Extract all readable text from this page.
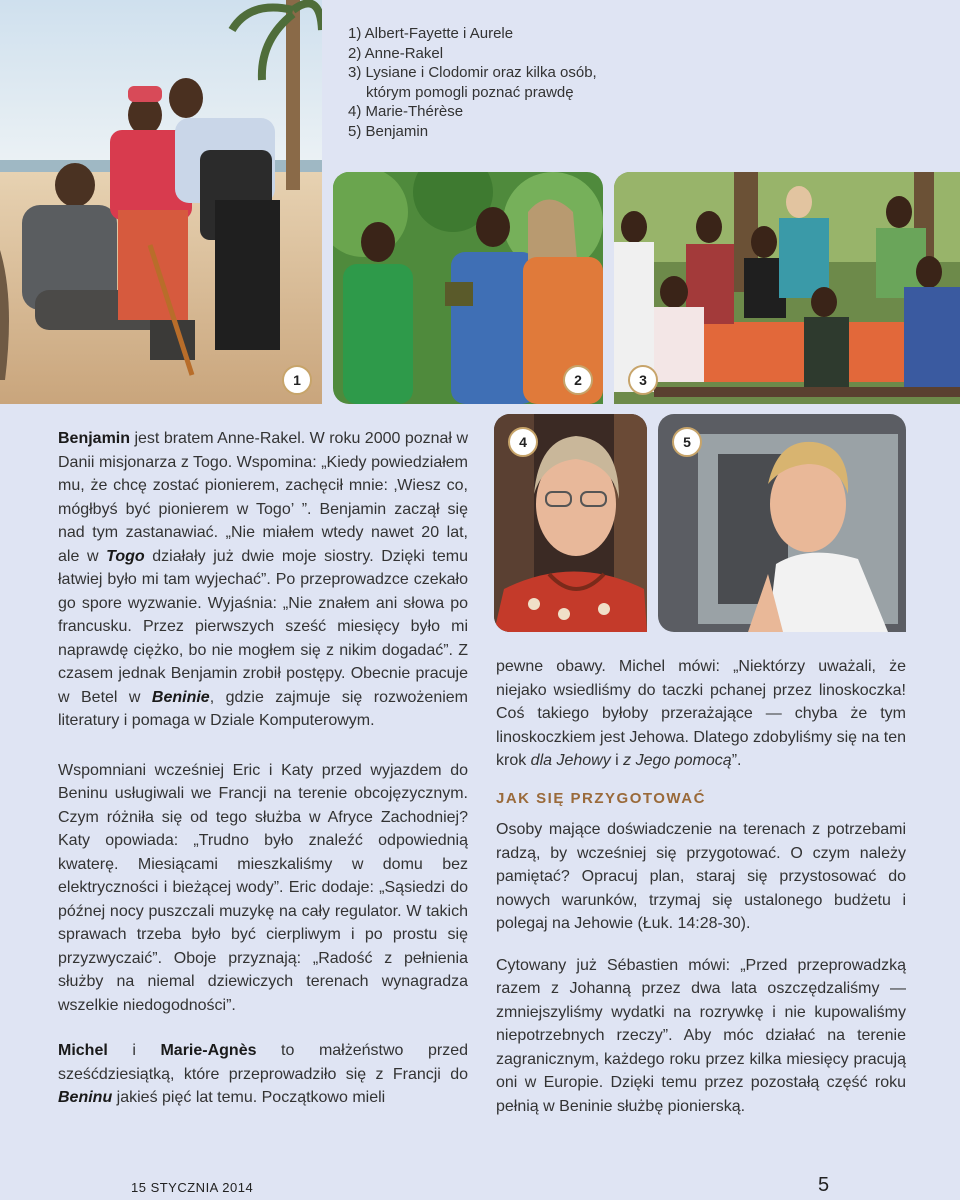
1	2	3
4	5
1) Albert-Fayette i Aurele
2) Anne-Rakel
3) Lysiane i Clodomir oraz kilka osób,
którym pomogli poznać prawdę
4) Marie-Thérèse
5) Benjamin

Benjamin jest bratem Anne-Rakel. W roku 2000 poznał w Danii misjonarza z Togo. Wspomina: „Kiedy powiedziałem mu, że chcę zostać pionierem, zachęcił mnie: ‚Wiesz co, mógłbyś być pionierem w Togo’ ”. Benjamin zaczął się nad tym zastanawiać. „Nie miałem wtedy nawet 20 lat, ale w Togo działały już dwie moje siostry. Dzięki temu łatwiej było mi tam wyjechać”. Po przeprowadzce czekało go spore wyzwanie. Wyjaśnia: „Nie znałem ani słowa po francusku. Przez pierwszych sześć miesięcy było mi naprawdę ciężko, bo nie mogłem się z nikim dogadać”. Z czasem jednak Benjamin zrobił postępy. Obecnie pracuje w Betel w Beninie, gdzie zajmuje się rozwożeniem literatury i pomaga w Dziale Komputerowym.

Wspomniani wcześniej Eric i Katy przed wyjazdem do Beninu usługiwali we Francji na terenie obcojęzycznym. Czym różniła się od tego służba w Afryce Zachodniej? Katy opowiada: „Trudno było znaleźć odpowiednią kwaterę. Miesiącami mieszkaliśmy w domu bez elektryczności i bieżącej wody”. Eric dodaje: „Sąsiedzi do późnej nocy puszczali muzykę na cały regulator. W takich sprawach trzeba było być cierpliwym i po prostu się przyzwyczaić”. Oboje przyznają: „Radość z pełnienia służby na niemal dziewiczych terenach wynagradza wszelkie niedogodności”.

Michel i Marie-Agnès to małżeństwo przed sześćdziesiątką, które przeprowadziło się z Francji do Beninu jakieś pięć lat temu. Początkowo mieli

pewne obawy. Michel mówi: „Niektórzy uważali, że niejako wsiedliśmy do taczki pchanej przez linoskoczka! Coś takiego byłoby przerażające — chyba że tym linoskoczkiem jest Jehowa. Dlatego zdobyliśmy się na ten krok dla Jehowy i z Jego pomocą”.

JAK SIĘ PRZYGOTOWAĆ

Osoby mające doświadczenie na terenach z potrzebami radzą, by wcześniej się przygotować. O czym należy pamiętać? Opracuj plan, staraj się przystosować do nowych warunków, trzymaj się ustalonego budżetu i polegaj na Jehowie (Łuk. 14:28-30).

Cytowany już Sébastien mówi: „Przed przeprowadzką razem z Johanną przez dwa lata oszczędzaliśmy — zmniejszyliśmy wydatki na rozrywkę i nie kupowaliśmy niepotrzebnych rzeczy”. Aby móc działać na terenie zagranicznym, każdego roku przez kilka miesięcy pracują oni w Europie. Dzięki temu przez pozostałą część roku pełnią w Beninie służbę pionierską.

15 STYCZNIA 2014	5
